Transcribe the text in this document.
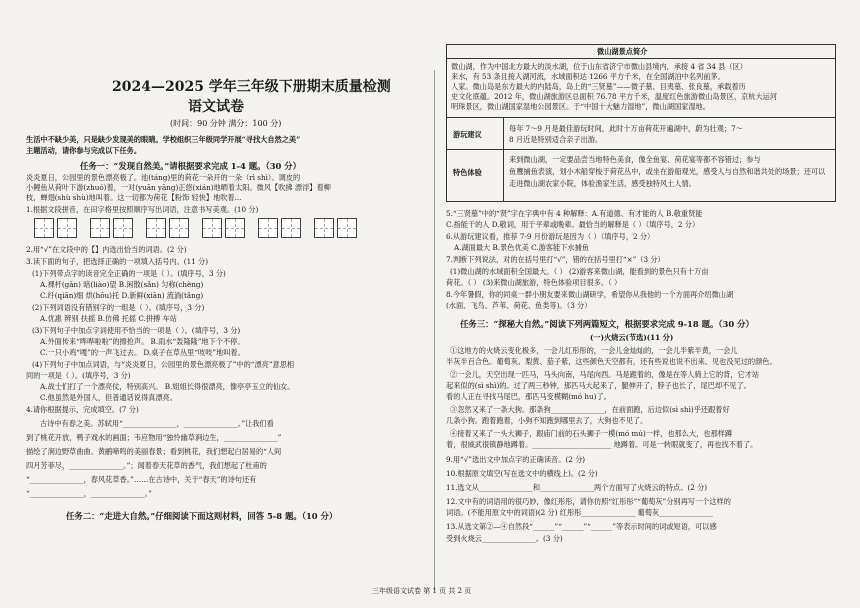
2024—2025 学年三年级下册期末质量检测
语文试卷
(时间：90 分钟 满分：100 分)
生活中不缺少美，只是缺少发现美的眼睛。学校组织三年级同学开展“寻找大自然之美”
主题活动，请你参与完成以下任务。
任务一：“发现自然美。”请根据要求完成 1-4 题。（30 分）
炎炎夏日，公园里的景色漂亮极了。池(táng)里的荷花一朵开的一朵（rì shì）。调皮的
小鲤鱼从荷叶下游(zhuó)着，一对(yuān yāng)正悠(xián)地晒着太阳。微风【吹拂 漂浮】着柳
枝，蝉翅(shù shù)地叫着。这一切都为荷花【粉饰 轻快】地吹着...
1.根据文段拼音，在田字格里按照顺序写出词语，注意书写美观。(10 分)
2.用“√”在文段中的【】内选出恰当的词语。(2 分)
3.读下面的句子，把选择正确的一项填入括号内。(11 分)
(1)下列带点字的读音完全正确的一项是（ ）。(填序号，3 分)
A.裸杆(gǎn) 暗(liào)望 B.闲散(sǎn) 匀称(chèng)
C.纤(qiān)细 烘(hōu)托 D.新鲜(xiān) 流淌(tǎng)
(2)下列词语没有错别字的一组是（ ）。(填序号，3 分)
A.优惠 辨别 扶摇 B.仿佛 托摇 C.拼搏 车站
(3)下列句子中加点字词使用不恰当的一项是（ ）。(填序号，3 分)
A.外面传来“哗哗啦啦”的擦抢声。 B.雨水“轰隆隆”地下个不停。
C.一只小鸡“嘎”的一声飞过去。 D.桌子在草丛里“吱吱”地叫着。
(4)下列句子中加点词语，与“炎炎夏日，公园里的景色漂亮极了”中的“漂亮”意思相
同的一项是（ ）。(填序号，3 分)
A.战士们打了一个漂亮仗，特别高兴。 B.姐姐长得很漂亮，像亭亭玉立的仙女。
C.他虽然是外国人，但普通话说得真漂亮。
4.请你根据提示，完成填空。(7 分)
古诗中有春之美。苏轼用“_______________，_______________。”让我们看
到了桃花开放，鸭子戏水的画面；韦应物用“独怜幽草涧边生，_______________”
描绘了涧边野草曲曲、黄鹂啼鸣的美丽春景；看到桃花，我们想起白居易的“人间
四月芳菲尽，_______________。”；闻着春天花草的香气，我们想起了杜甫的
“_______________，春风花草香。”……在古诗中，关于“春天”的诗句还有
“_______________，_______________。”
任务二：“走进大自然。”仔细阅读下面这则材料，回答 5-8 题。（10 分）
微山湖景点简介
微山湖，作为中国北方最大的淡水湖，位于山东省济宁市微山县境内，承接 4 省 34 县（区）
来水，有 53 条且接入湖河流，水域面积达 1266 平方千米，在全国湖泊中名列前茅。
人家。微山岛是东方最大的内陆岛，岛上的“三贤墓”——微子墓、目夷墓、张良墓，承载着历
史文化底蕴。2012 年，微山湖旅游区总面积 76.78 平方千米，温度红色旅游微山岛景区、京杭大运河
明珠景区，微山湖国家湿地公园景区。于“中国十大魅力湿地”，微山湖国家湿地。
游玩建议
每年 7～9 月是最佳游玩时间，此时十万亩荷花开遍湖中，蔚为壮观；7～
8 月近是特别适合亲子出游。
特色体验
来到微山湖，一定要品尝当地特色美食，像全鱼宴、荷花宴等都不容错过；参与
鱼鹰捕鱼表演，划小木船穿梭于荷花丛中，或坐在游船观光，感受人与自然和谐共处的场景；还可以
走进微山湖农家小院，体验渔家生活，感受独特风土人情。
5.“三贤墓”中的“贤”字在字典中有 4 种解释：A.有道德、有才能的人 B.敬重贤能
C.指能干的人 D.敬词，用于平辈或晚辈。最恰当的解释是（ ）（填序号，2 分）
6.从游玩建议看，推荐 7-9 月份游玩是因为（ ）（填序号，2 分）
A.湖面最大 B.景色优美 C.游客能下水捕鱼
7.判断下列说法，对的在括号里打“√”，错的在括号里打“×”（3 分）
(1)微山湖的水域面积全国最大。（ ） (2)游客来微山湖，能看到的景色只有十万亩
荷花。（ ） (3)来微山湖旅游，特色体验项目很多。（ ）
8.今年暑假，你的同桌一群小朋友要来微山湖研学，希望你从我他的一个方面再介绍微山湖
(水面、飞鸟、芦苇、荷花、鱼类等)。（3 分）
任务三：“探秘大自然。”阅读下列两篇短文，根据要求完成 9-18 题。（30 分）
(一)火烧云(节选)(11 分)
①这地方的火烧云变化极多，一会儿红彤彤的，一会儿金灿灿的，一会儿半紫半黄，一会儿
半灰半百合色。葡萄灰、梨黄、茄子紫，这些颜色天空都有，还有些说也说不出来、见也没见过的颜色。
②一会儿，天空出现一匹马，马头向南，马尾向西。马是跪着的，像是在等人骑上它的背，它才站
起来似的(sì shì)的。过了两三秒钟，那匹马大起来了，腿伸开了，脖子也长了，尾巴却不见了。
看的人正在寻找马尾巴，那匹马变模糊(mó hu)了。
③忽然又来了一条大狗。那条狗_______________，在前面跑，后边似(sì shì)乎还跟着好
几条小狗。跑着跑着，小狗不知跑到哪里去了，大狗也不见了。
④接着又来了一头大狮子，跟庙门前的石头狮子一模(mó mú)一样，也那么大，也那样蹲
着，很威武很镇静地蹲着。______________________ 地蹲着。可是一转眼就变了，再也找不着了。
9.用“√”选出文中加点字的正确读音。(2 分)
10.根据原文填空(写在选文中的横线上)。(2 分)
11.选文从_______________和_______________两个方面写了火烧云的特点。(2 分)
12.文中有的词语用的很巧妙，像红彤彤，请你仿照“红彤彤”“葡萄灰”分别再写一个这样的
词语。(不能用原文中的词语)(2 分) 红彤彤_______________ 葡萄灰_______________
13.从选文第②—④自然段“______”“______”“______”等表示时间的词或短语，可以感
受到火烧云_______________。(3 分)
三年级语文试卷 第 1 页 共 2 页
